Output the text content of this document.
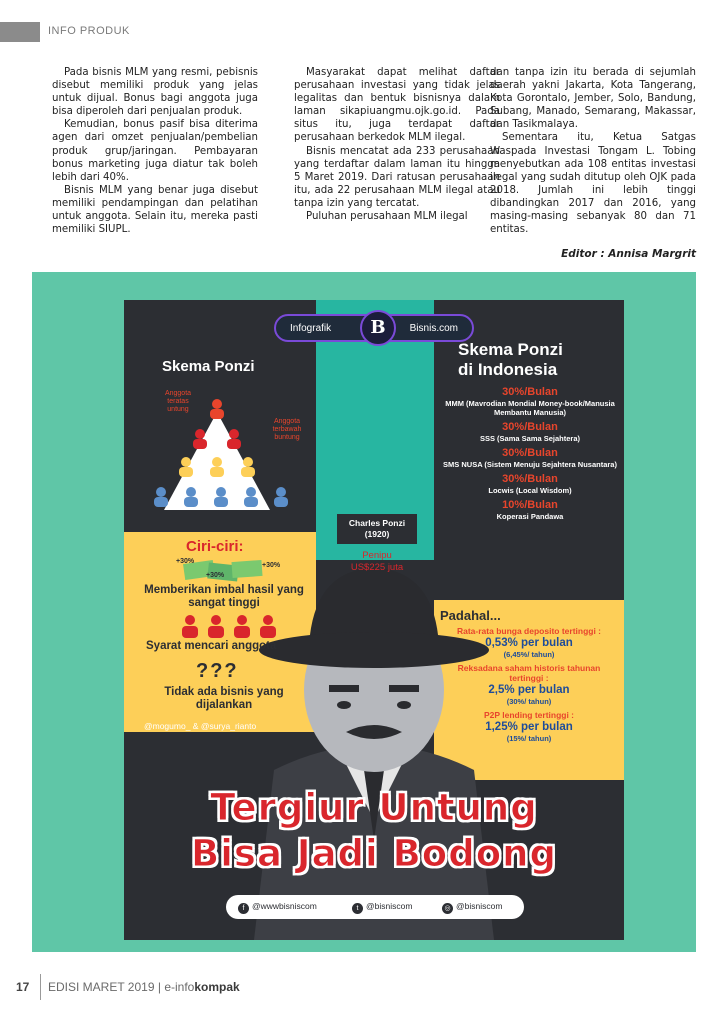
INFO PRODUK

Pada bisnis MLM yang resmi, pebisnis disebut memiliki produk yang jelas untuk dijual. Bonus bagi anggota juga bisa diperoleh dari penjualan produk.

Kemudian, bonus pasif bisa diterima agen dari omzet penjualan/pembelian produk grup/jaringan. Pembayaran bonus marketing juga diatur tak boleh lebih dari 40%.

Bisnis MLM yang benar juga disebut memiliki pendampingan dan pelatihan untuk anggota. Selain itu, mereka pasti memiliki SIUPL.

Masyarakat dapat melihat daftar perusahaan investasi yang tidak jelas legalitas dan bentuk bisnisnya dalam laman sikapiuangmu.ojk.go.id. Pada situs itu, juga terdapat daftar perusahaan berkedok MLM ilegal.

Bisnis mencatat ada 233 perusahaan yang terdaftar dalam laman itu hingga 5 Maret 2019. Dari ratusan perusahaan itu, ada 22 perusahaan MLM ilegal atau tanpa izin yang tercatat.

Puluhan perusahaan MLM ilegal

dan tanpa izin itu berada di sejumlah daerah yakni Jakarta, Kota Tangerang, Kota Gorontalo, Jember, Solo, Bandung, Subang, Manado, Semarang, Makassar, dan Tasikmalaya.

Sementara itu, Ketua Satgas Waspada Investasi Tongam L. Tobing menyebutkan ada 108 entitas investasi ilegal yang sudah ditutup oleh OJK pada 2018. Jumlah ini lebih tinggi dibandingkan 2017 dan 2016, yang masing-masing sebanyak 80 dan 71 entitas.

Editor : Annisa Margrit
+30%
+30%
+30%
Infografik	B	Bisnis.com
Skema Ponzi
Anggota teratas untung
Anggota terbawah buntung
Ciri-ciri:
Memberikan imbal hasil yang sangat tinggi
Syarat mencari anggota
???
Tidak ada bisnis yang dijalankan
@mogumo_ & @surya_rianto
Charles Ponzi
(1920)
Penipu
US$225 juta
Skema Ponzi
di Indonesia
30%/Bulan
MMM (Mavrodian Mondial Money-book/Manusia Membantu Manusia)
30%/Bulan
SSS (Sama Sama Sejahtera)
30%/Bulan
SMS NUSA (Sistem Menuju Sejahtera Nusantara)
30%/Bulan
Locwis (Local Wisdom)
10%/Bulan
Koperasi Pandawa
Padahal...
Rata-rata bunga deposito tertinggi :
0,53% per bulan
(6,45%/ tahun)
Reksadana saham historis tahunan tertinggi :
2,5% per bulan
(30%/ tahun)
P2P lending tertinggi :
1,25% per bulan
(15%/ tahun)
Tergiur Untung
Bisa Jadi Bodong
f @wwwbisniscom	t @bisniscom	◎ @bisniscom
17 EDISI MARET 2019 | e-infokompak
